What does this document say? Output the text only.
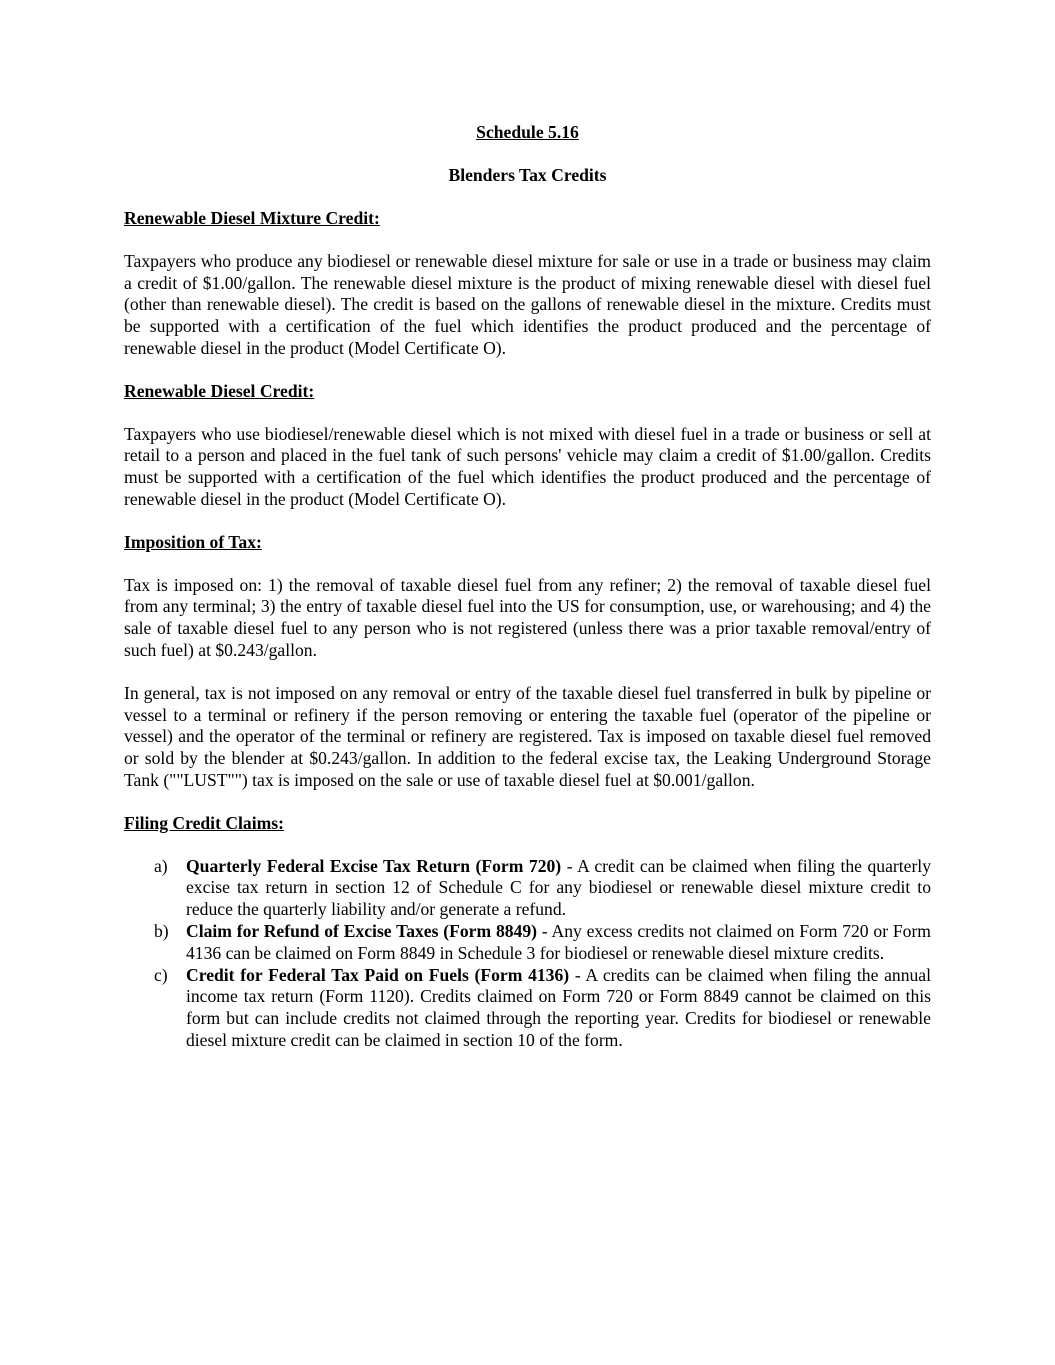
Schedule 5.16
Blenders Tax Credits
Renewable Diesel Mixture Credit:

Taxpayers who produce any biodiesel or renewable diesel mixture for sale or use in a trade or business may claim a credit of $1.00/gallon. The renewable diesel mixture is the product of mixing renewable diesel with diesel fuel (other than renewable diesel). The credit is based on the gallons of renewable diesel in the mixture. Credits must be supported with a certification of the fuel which identifies the product produced and the percentage of renewable diesel in the product (Model Certificate O).

Renewable Diesel Credit:

Taxpayers who use biodiesel/renewable diesel which is not mixed with diesel fuel in a trade or business or sell at retail to a person and placed in the fuel tank of such persons' vehicle may claim a credit of $1.00/gallon. Credits must be supported with a certification of the fuel which identifies the product produced and the percentage of renewable diesel in the product (Model Certificate O).

Imposition of Tax:

Tax is imposed on: 1) the removal of taxable diesel fuel from any refiner; 2) the removal of taxable diesel fuel from any terminal; 3) the entry of taxable diesel fuel into the US for consumption, use, or warehousing; and 4) the sale of taxable diesel fuel to any person who is not registered (unless there was a prior taxable removal/entry of such fuel) at $0.243/gallon.

In general, tax is not imposed on any removal or entry of the taxable diesel fuel transferred in bulk by pipeline or vessel to a terminal or refinery if the person removing or entering the taxable fuel (operator of the pipeline or vessel) and the operator of the terminal or refinery are registered. Tax is imposed on taxable diesel fuel removed or sold by the blender at $0.243/gallon. In addition to the federal excise tax, the Leaking Underground Storage Tank (""LUST"") tax is imposed on the sale or use of taxable diesel fuel at $0.001/gallon.

Filing Credit Claims:
a) Quarterly Federal Excise Tax Return (Form 720) - A credit can be claimed when filing the quarterly excise tax return in section 12 of Schedule C for any biodiesel or renewable diesel mixture credit to reduce the quarterly liability and/or generate a refund.
b) Claim for Refund of Excise Taxes (Form 8849) - Any excess credits not claimed on Form 720 or Form 4136 can be claimed on Form 8849 in Schedule 3 for biodiesel or renewable diesel mixture credits.
c) Credit for Federal Tax Paid on Fuels (Form 4136) - A credits can be claimed when filing the annual income tax return (Form 1120). Credits claimed on Form 720 or Form 8849 cannot be claimed on this form but can include credits not claimed through the reporting year. Credits for biodiesel or renewable diesel mixture credit can be claimed in section 10 of the form.
